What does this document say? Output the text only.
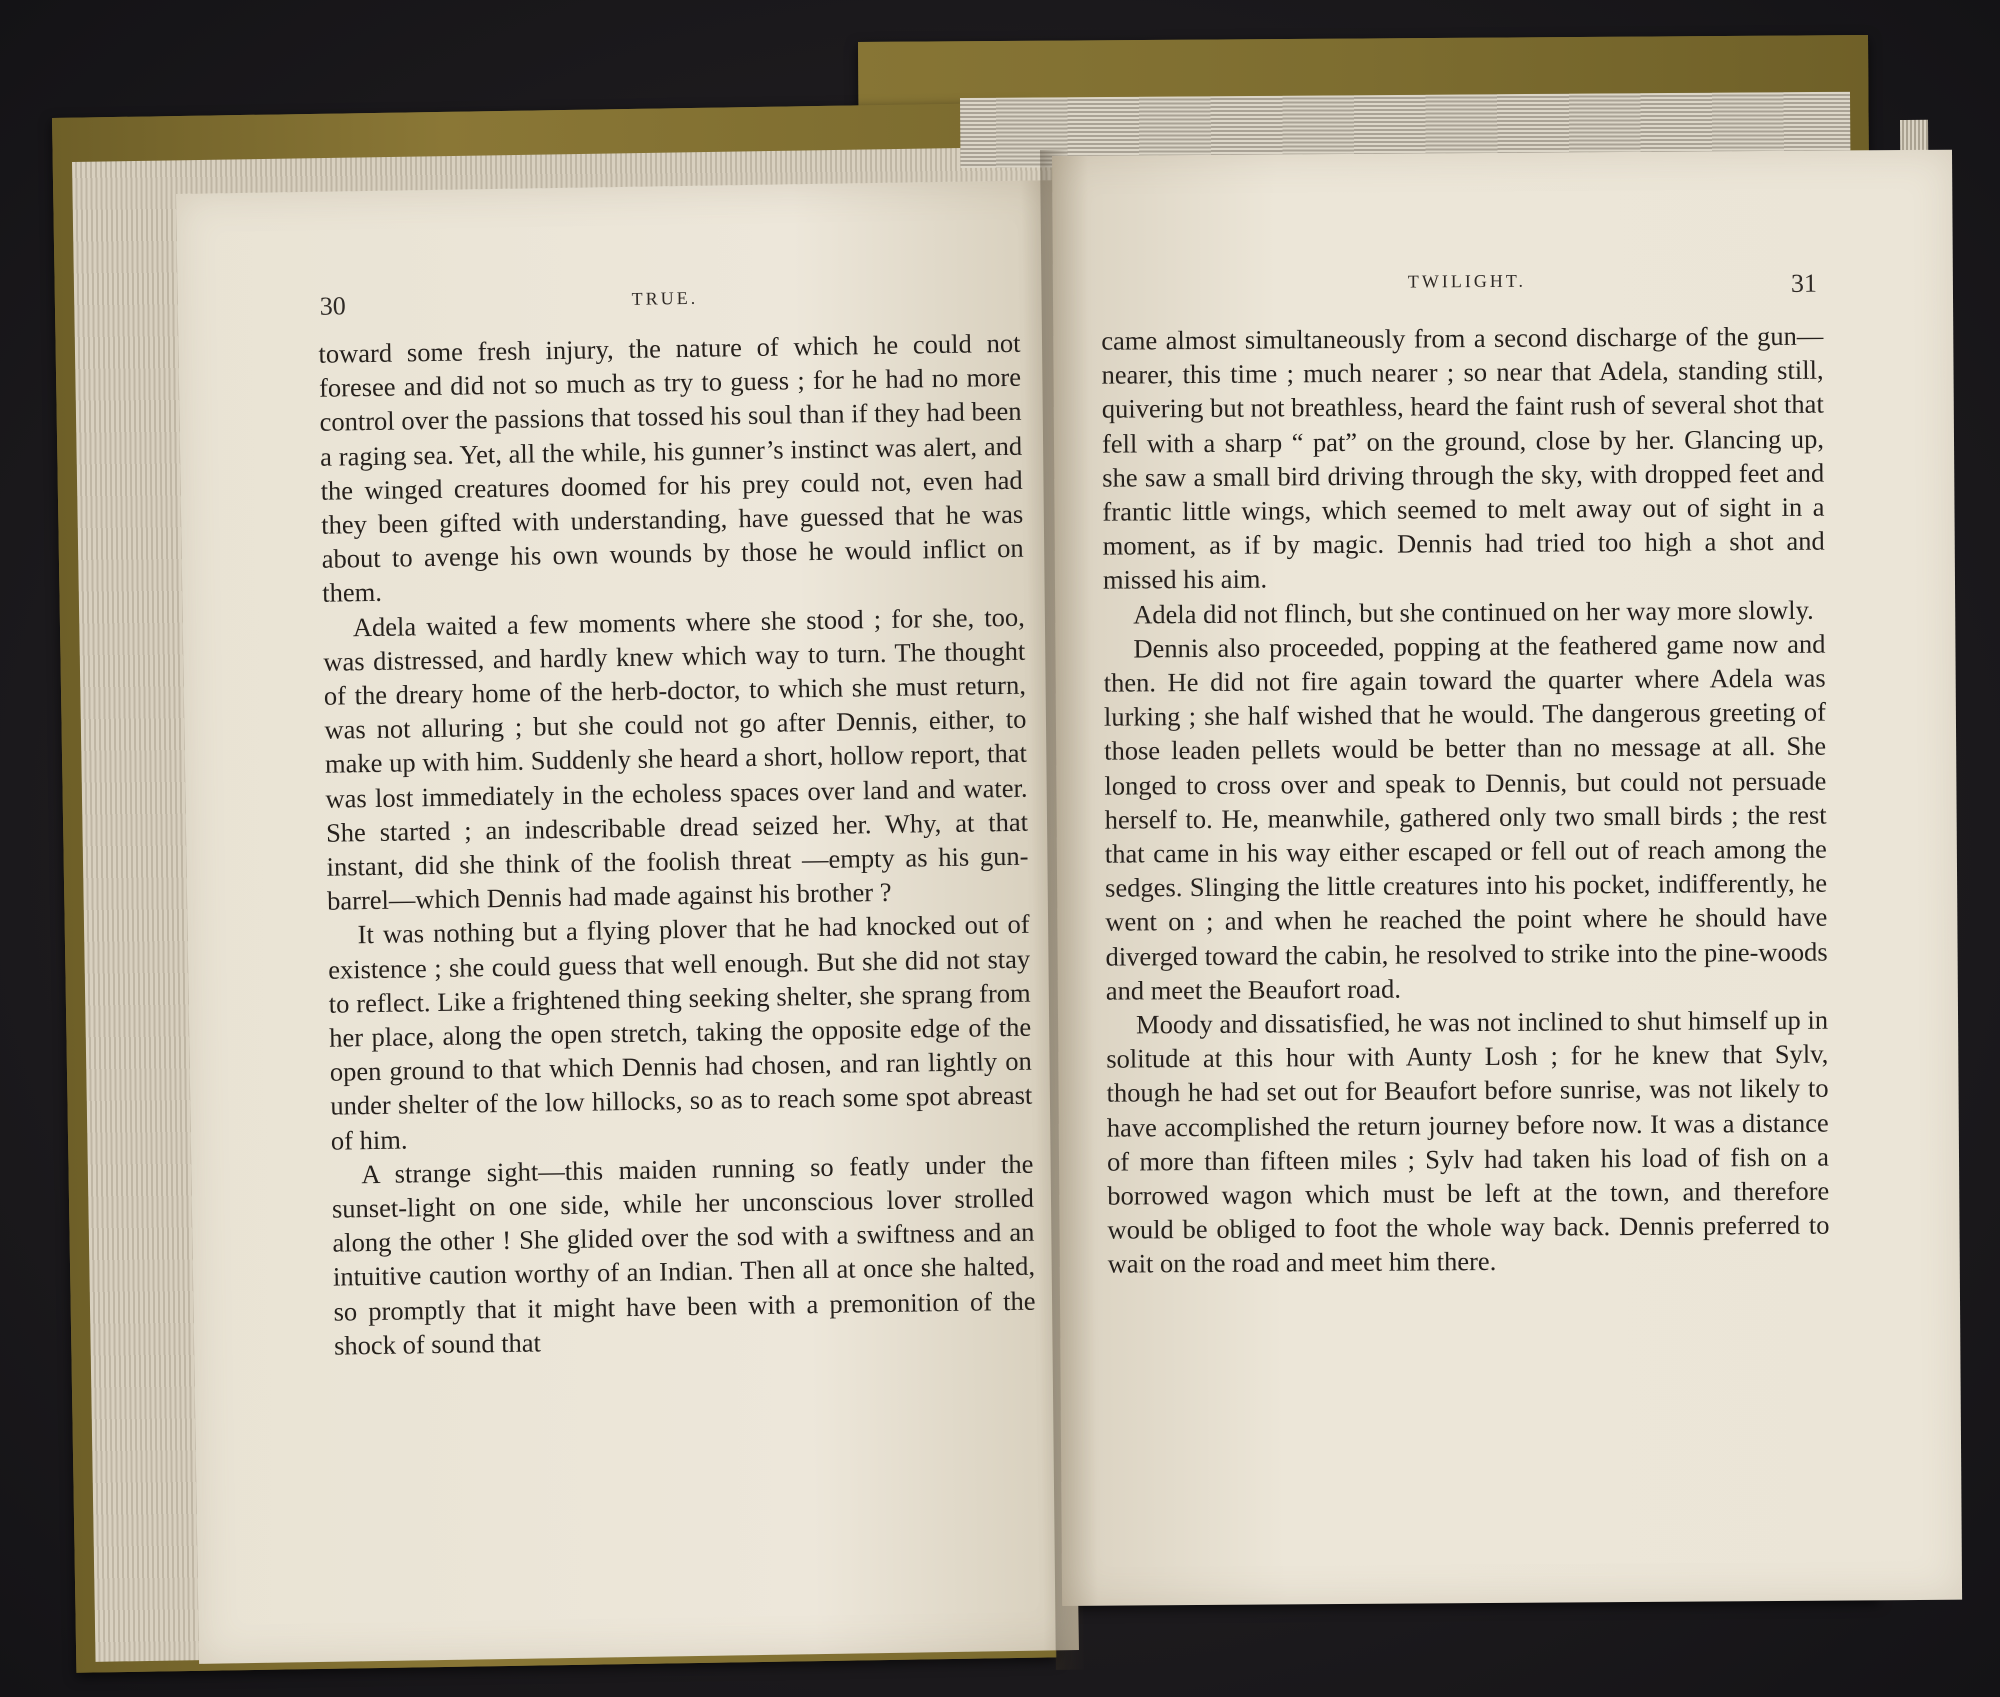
30	TRUE.

toward some fresh injury, the nature of which he could not foresee and did not so much as try to guess ; for he had no more control over the passions that tossed his soul than if they had been a raging sea. Yet, all the while, his gunner’s instinct was alert, and the winged creatures doomed for his prey could not, even had they been gifted with understanding, have guessed that he was about to avenge his own wounds by those he would inflict on them.

Adela waited a few moments where she stood ; for she, too, was distressed, and hardly knew which way to turn. The thought of the dreary home of the herb-doctor, to which she must return, was not alluring ; but she could not go after Dennis, either, to make up with him. Suddenly she heard a short, hollow report, that was lost immediately in the echoless spaces over land and water. She started ; an indescribable dread seized her. Why, at that instant, did she think of the foolish threat —empty as his gun-barrel—which Dennis had made against his brother ?

It was nothing but a flying plover that he had knocked out of existence ; she could guess that well enough. But she did not stay to reflect. Like a frightened thing seeking shelter, she sprang from her place, along the open stretch, taking the opposite edge of the open ground to that which Dennis had chosen, and ran lightly on under shelter of the low hillocks, so as to reach some spot abreast of him.

A strange sight—this maiden running so featly under the sunset-light on one side, while her unconscious lover strolled along the other ! She glided over the sod with a swiftness and an intuitive caution worthy of an Indian. Then all at once she halted, so promptly that it might have been with a premonition of the shock of sound that

TWILIGHT.	31

came almost simultaneously from a second discharge of the gun—nearer, this time ; much nearer ; so near that Adela, standing still, quivering but not breathless, heard the faint rush of several shot that fell with a sharp “ pat” on the ground, close by her. Glancing up, she saw a small bird driving through the sky, with dropped feet and frantic little wings, which seemed to melt away out of sight in a moment, as if by magic. Dennis had tried too high a shot and missed his aim.

Adela did not flinch, but she continued on her way more slowly.

Dennis also proceeded, popping at the feathered game now and then. He did not fire again toward the quarter where Adela was lurking ; she half wished that he would. The dangerous greeting of those leaden pellets would be better than no message at all. She longed to cross over and speak to Dennis, but could not persuade herself to. He, meanwhile, gathered only two small birds ; the rest that came in his way either escaped or fell out of reach among the sedges. Slinging the little creatures into his pocket, indifferently, he went on ; and when he reached the point where he should have diverged toward the cabin, he resolved to strike into the pine-woods and meet the Beaufort road.

Moody and dissatisfied, he was not inclined to shut himself up in solitude at this hour with Aunty Losh ; for he knew that Sylv, though he had set out for Beaufort before sunrise, was not likely to have accomplished the return journey before now. It was a distance of more than fifteen miles ; Sylv had taken his load of fish on a borrowed wagon which must be left at the town, and therefore would be obliged to foot the whole way back. Dennis preferred to wait on the road and meet him there.
